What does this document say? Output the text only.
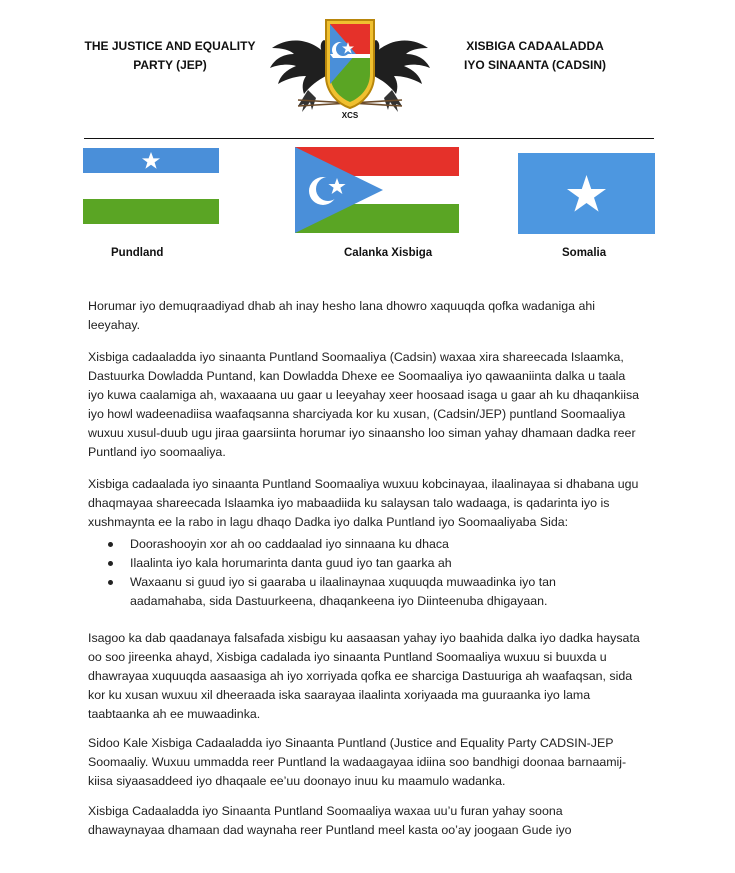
THE JUSTICE AND EQUALITY
PARTY (JEP)
XISBIGA CADAALADDA
IYO SINAANTA (CADSIN)
XCS
Pundland	Calanka Xisbiga	Somalia

Horumar iyo demuqraadiyad dhab ah inay hesho lana dhowro xaquuqda qofka wadaniga ahi leeyahay.

Xisbiga cadaaladda iyo sinaanta Puntland Soomaaliya (Cadsin) waxaa xira shareecada Islaamka, Dastuurka Dowladda Puntand, kan Dowladda Dhexe ee Soomaaliya iyo qawaaniinta dalka u taala iyo kuwa caalamiga ah, waxaaana uu gaar u leeyahay xeer hoosaad isaga u gaar ah ku dhaqankiisa iyo howl wadeenadiisa waafaqsanna sharciyada kor ku xusan, (Cadsin/JEP) puntland Soomaaliya wuxuu xusul-duub ugu jiraa gaarsiinta horumar iyo sinaansho loo siman yahay dhamaan dadka reer Puntland iyo soomaaliya.

Xisbiga cadaalada iyo sinaanta Puntland Soomaaliya wuxuu kobcinayaa, ilaalinayaa si dhabana ugu dhaqmayaa shareecada Islaamka iyo mabaadiida ku salaysan talo wadaaga, is qadarinta iyo is xushmaynta ee la rabo in lagu dhaqo Dadka iyo dalka Puntland iyo Soomaaliyaba Sida:

Doorashooyin xor ah oo caddaalad iyo sinnaana ku dhaca
Ilaalinta iyo kala horumarinta danta guud iyo tan gaarka ah
Waxaanu si guud iyo si gaaraba u ilaalinaynaa xuquuqda muwaadinka iyo tan aadamahaba, sida Dastuurkeena, dhaqankeena iyo Diinteenuba dhigayaan.

Isagoo ka dab qaadanaya falsafada xisbigu ku aasaasan yahay iyo baahida dalka iyo dadka haysata oo soo jireenka ahayd, Xisbiga cadalada iyo sinaanta Puntland Soomaaliya wuxuu si buuxda u dhawrayaa xuquuqda aasaasiga ah iyo xorriyada qofka ee sharciga Dastuuriga ah waafaqsan, sida kor ku xusan wuxuu xil dheeraada iska saarayaa ilaalinta xoriyaada ma guuraanka iyo lama taabtaanka ah ee muwaadinka.

Sidoo Kale Xisbiga Cadaaladda iyo Sinaanta Puntland (Justice and Equality Party CADSIN-JEP Soomaaliy. Wuxuu ummadda reer Puntland la wadaagayaa idiina soo bandhigi doonaa barnaamij-kiisa siyaasaddeed iyo dhaqaale ee’uu doonayo inuu ku maamulo wadanka.

Xisbiga Cadaaladda iyo Sinaanta Puntland Soomaaliya waxaa uu’u furan yahay soona dhawaynayaa dhamaan dad waynaha reer Puntland meel kasta oo’ay joogaan Gude iyo
